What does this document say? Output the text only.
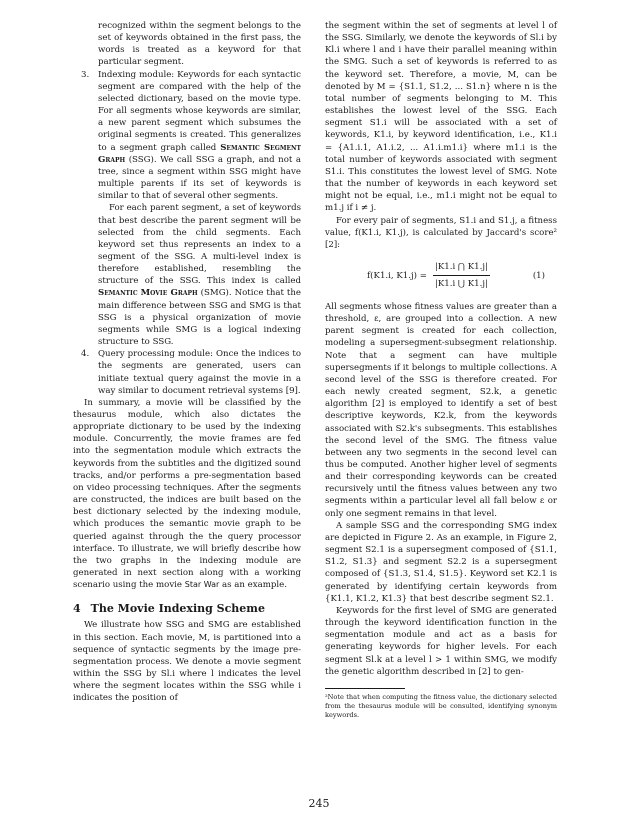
recognized within the segment belongs to the set of keywords obtained in the first pass, the words is treated as a keyword for that particular segment.

3. Indexing module: Keywords for each syntactic segment are compared with the help of the selected dictionary, based on the movie type. For all segments whose keywords are similar, a new parent segment which subsumes the original segments is created. This generalizes to a segment graph called Semantic Segment Graph (SSG). We call SSG a graph, and not a tree, since a segment within SSG might have multiple parents if its set of keywords is similar to that of several other segments.

For each parent segment, a set of keywords that best describe the parent segment will be selected from the child segments. Each keyword set thus represents an index to a segment of the SSG. A multi-level index is therefore established, resembling the structure of the SSG. This index is called Semantic Movie Graph (SMG). Notice that the main difference between SSG and SMG is that SSG is a physical organization of movie segments while SMG is a logical indexing structure to SSG.

4. Query processing module: Once the indices to the segments are generated, users can initiate textual query against the movie in a way similar to document retrieval systems [9].

In summary, a movie will be classified by the thesaurus module, which also dictates the appropriate dictionary to be used by the indexing module. Concurrently, the movie frames are fed into the segmentation module which extracts the keywords from the subtitles and the digitized sound tracks, and/or performs a pre-segmentation based on video processing techniques. After the segments are constructed, the indices are built based on the best dictionary selected by the indexing module, which produces the semantic movie graph to be queried against through the the query processor interface. To illustrate, we will briefly describe how the two graphs in the indexing module are generated in next section along with a working scenario using the movie Star War as an example.

4 The Movie Indexing Scheme

We illustrate how SSG and SMG are established in this section. Each movie, M, is partitioned into a sequence of syntactic segments by the image pre-segmentation process. We denote a movie segment within the SSG by Sl.i where l indicates the level where the segment locates within the SSG while i indicates the position of

the segment within the set of segments at level l of the SSG. Similarly, we denote the keywords of Sl.i by Kl.i where l and i have their parallel meaning within the SMG. Such a set of keywords is referred to as the keyword set. Therefore, a movie, M, can be denoted by M = {S1.1, S1.2, ... S1.n} where n is the total number of segments belonging to M. This establishes the lowest level of the SSG. Each segment S1.i will be associated with a set of keywords, K1.i, by keyword identification, i.e., K1.i = {A1.i.1, A1.i.2, ... A1.i.m1.i} where m1.i is the total number of keywords associated with segment S1.i. This constitutes the lowest level of SMG. Note that the number of keywords in each keyword set might not be equal, i.e., m1.i might not be equal to m1.j if i ≠ j.

For every pair of segments, S1.i and S1.j, a fitness value, f(K1.i, K1.j), is calculated by Jaccard's score² [2]:

f(K1.i, $K1.j) = \frac{|K1.i ⋂ K1.j|}{|K1.i ⋃ K1.j|}$	(1)

All segments whose fitness values are greater than a threshold, ε, are grouped into a collection. A new parent segment is created for each collection, modeling a supersegment-subsegment relationship. Note that a segment can have multiple supersegments if it belongs to multiple collections. A second level of the SSG is therefore created. For each newly created segment, S2.k, a genetic algorithm [2] is employed to identify a set of best descriptive keywords, K2.k, from the keywords associated with S2.k's subsegments. This establishes the second level of the SMG. The fitness value between any two segments in the second level can thus be computed. Another higher level of segments and their corresponding keywords can be created recursively until the fitness values between any two segments within a particular level all fall below ε or only one segment remains in that level.

A sample SSG and the corresponding SMG index are depicted in Figure 2. As an example, in Figure 2, segment S2.1 is a supersegment composed of {S1.1, S1.2, S1.3} and segment S2.2 is a supersegment composed of {S1.3, S1.4, S1.5}. Keyword set K2.1 is generated by identifying certain keywords from {K1.1, K1.2, K1.3} that best describe segment S2.1.

Keywords for the first level of SMG are generated through the keyword identification function in the segmentation module and act as a basis for generating keywords for higher levels. For each segment Sl.k at a level l > 1 within SMG, we modify the genetic algorithm described in [2] to gen-

²Note that when computing the fitness value, the dictionary selected from the thesaurus module will be consulted, identifying synonym keywords.

245
